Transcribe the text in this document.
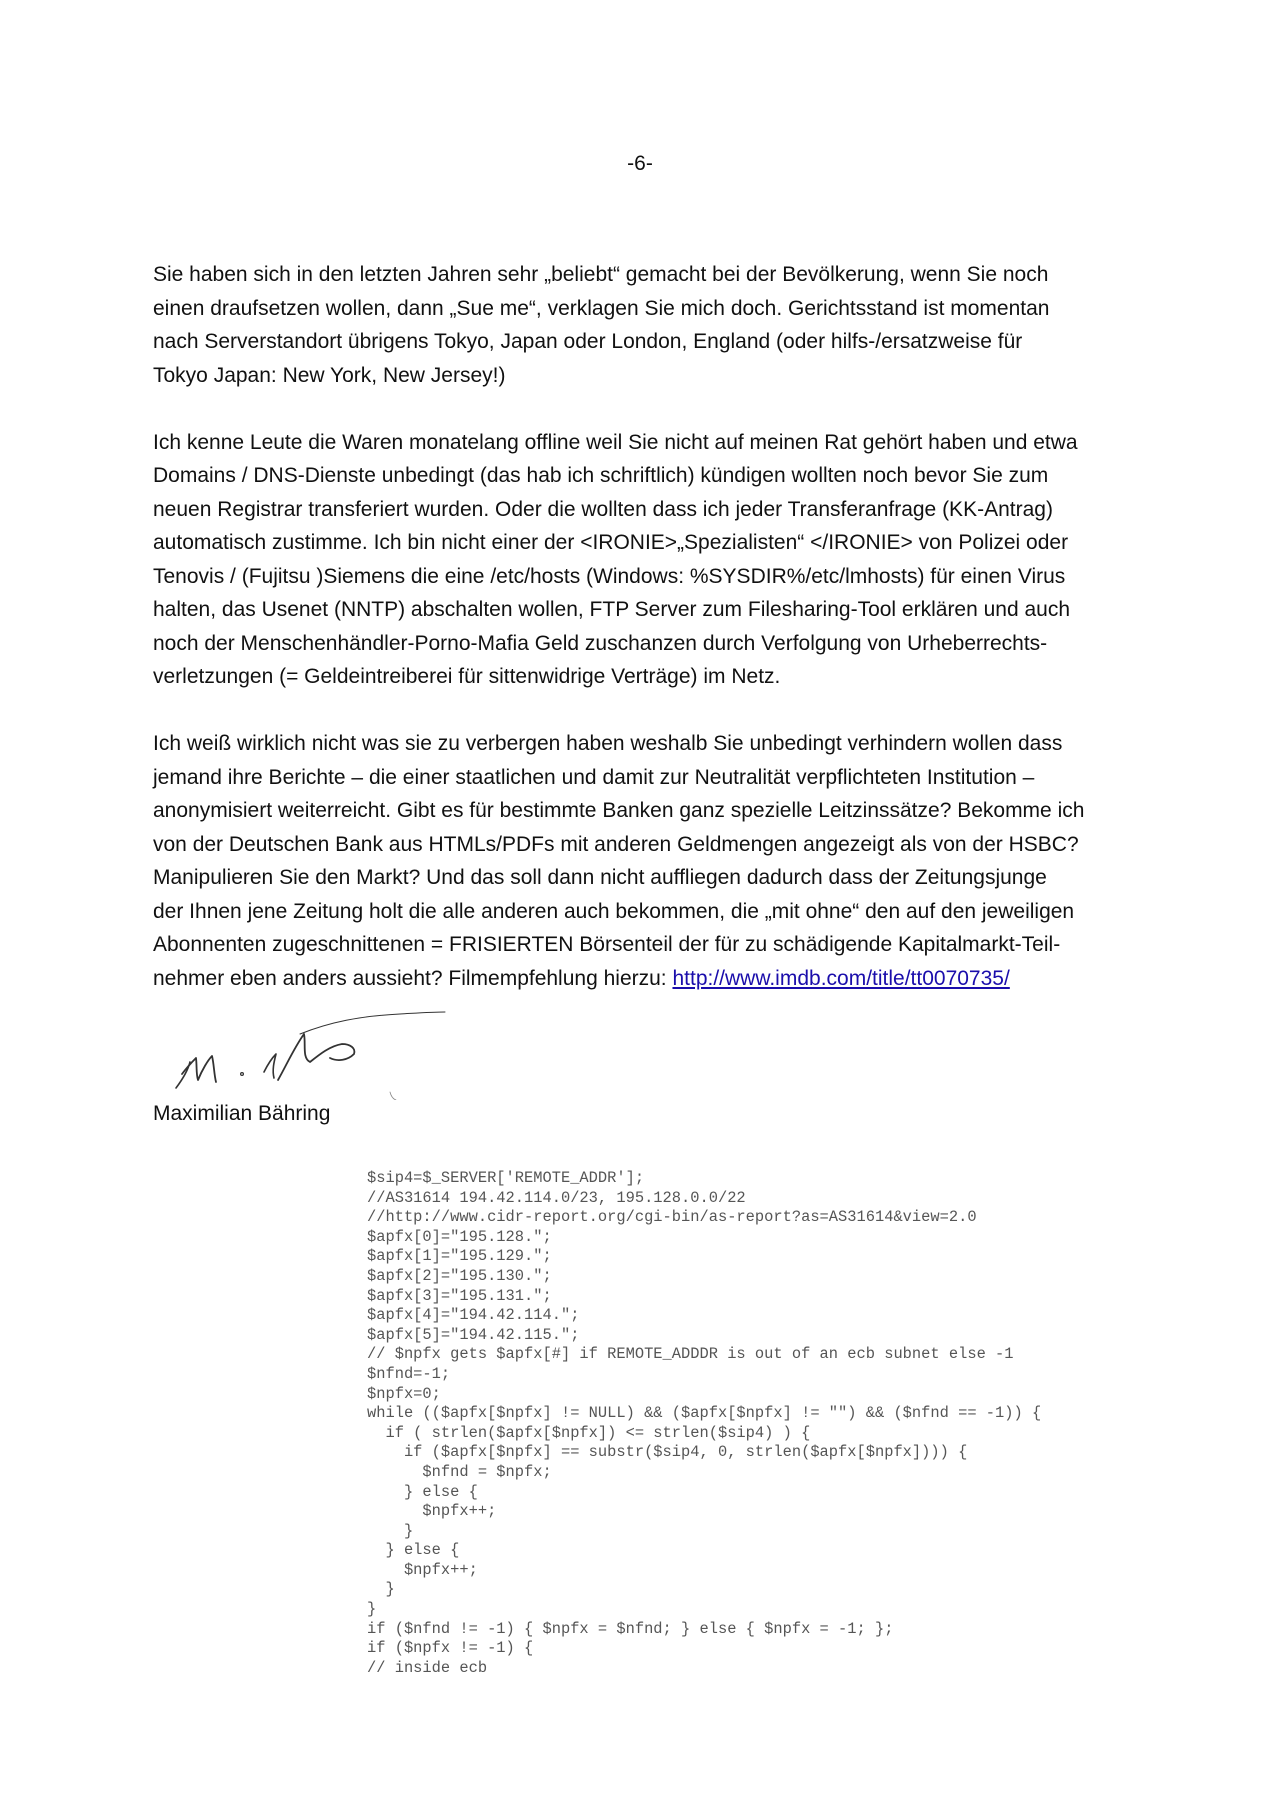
-6-

Sie haben sich in den letzten Jahren sehr „beliebt“ gemacht bei der Bevölkerung, wenn Sie noch
einen draufsetzen wollen, dann „Sue me“, verklagen Sie mich doch. Gerichtsstand ist momentan
nach Serverstandort übrigens Tokyo, Japan oder London, England (oder hilfs-/ersatzweise für
Tokyo Japan: New York, New Jersey!)

Ich kenne Leute die Waren monatelang offline weil Sie nicht auf meinen Rat gehört haben und etwa
Domains / DNS-Dienste unbedingt (das hab ich schriftlich) kündigen wollten noch bevor Sie zum
neuen Registrar transferiert wurden. Oder die wollten dass ich jeder Transferanfrage (KK-Antrag)
automatisch zustimme. Ich bin nicht einer der <IRONIE>„Spezialisten“ </IRONIE> von Polizei oder
Tenovis / (Fujitsu )Siemens die eine /etc/hosts (Windows: %SYSDIR%/etc/lmhosts) für einen Virus
halten, das Usenet (NNTP) abschalten wollen, FTP Server zum Filesharing-Tool erklären und auch
noch der Menschenhändler-Porno-Mafia Geld zuschanzen durch Verfolgung von Urheberrechts-
verletzungen (= Geldeintreiberei für sittenwidrige Verträge) im Netz.

Ich weiß wirklich nicht was sie zu verbergen haben weshalb Sie unbedingt verhindern wollen dass
jemand ihre Berichte – die einer staatlichen und damit zur Neutralität verpflichteten Institution –
anonymisiert weiterreicht. Gibt es für bestimmte Banken ganz spezielle Leitzinssätze? Bekomme ich
von der Deutschen Bank aus HTMLs/PDFs mit anderen Geldmengen angezeigt als von der HSBC?
Manipulieren Sie den Markt? Und das soll dann nicht auffliegen dadurch dass der Zeitungsjunge
der Ihnen jene Zeitung holt die alle anderen auch bekommen, die „mit ohne“ den auf den jeweiligen
Abonnenten zugeschnittenen = FRISIERTEN Börsenteil der für zu schädigende Kapitalmarkt-Teil-
nehmer eben anders aussieht? Filmempfehlung hierzu: http://www.imdb.com/title/tt0070735/

Maximilian Bähring
$sip4=$_SERVER['REMOTE_ADDR'];
//AS31614 194.42.114.0/23, 195.128.0.0/22
//http://www.cidr-report.org/cgi-bin/as-report?as=AS31614&view=2.0
$apfx[0]="195.128.";
$apfx[1]="195.129.";
$apfx[2]="195.130.";
$apfx[3]="195.131.";
$apfx[4]="194.42.114.";
$apfx[5]="194.42.115.";
// $npfx gets $apfx[#] if REMOTE_ADDDR is out of an ecb subnet else -1
$nfnd=-1;
$npfx=0;
while (($apfx[$npfx] != NULL) && ($apfx[$npfx] != "") && ($nfnd == -1)) {
if ( strlen($apfx[$npfx]) <= strlen($sip4) ) {
if ($apfx[$npfx] == substr($sip4, 0, strlen($apfx[$npfx]))) {
$nfnd = $npfx;
} else {
$npfx++;
}
} else {
$npfx++;
}
}
if ($nfnd != -1) { $npfx = $nfnd; } else { $npfx = -1; };
if ($npfx != -1) {
// inside ecb
